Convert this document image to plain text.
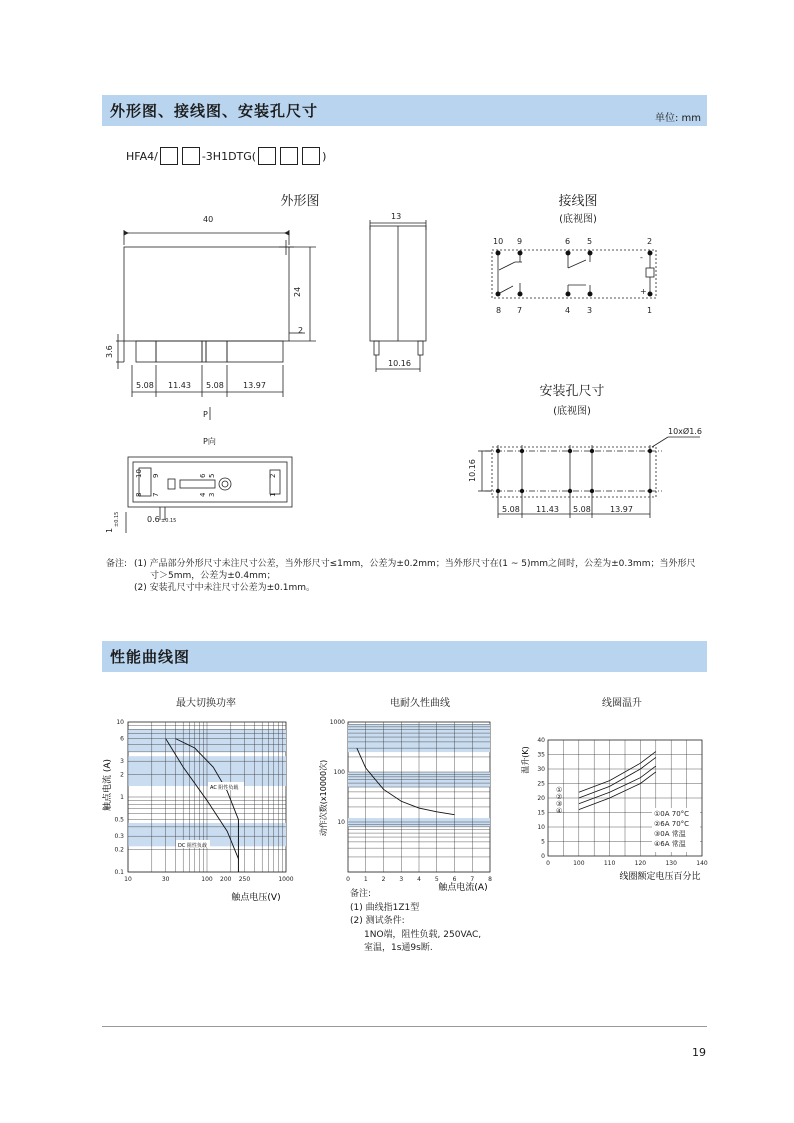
外形图、接线图、安装孔尺寸	单位: mm
HFA4/	-3H1DTG(	)
外形图	接线图
(底视图)
安装孔尺寸
(底视图)
40	13
24
2
3.6
10.16
5.08 11.43 5.08 13.97
P
P向
0.6 ±0.15
1
±0.15
10 9	6 5	2
8 7	4 3	1
-
+
10xØ1.6
10.16
5.08 11.43 5.08 13.97
10 9	6 5	2
8 7	4 3	1
备注: (1) 产品部分外形尺寸未注尺寸公差，当外形尺寸≤1mm，公差为±0.2mm；当外形尺寸在(1 ~ 5)mm之间时，公差为±0.3mm；当外形尺
寸＞5mm，公差为±0.4mm；
(2) 安装孔尺寸中未注尺寸公差为±0.1mm。
性能曲线图
最大切换功率	电耐久性曲线	线圈温升
10
6
3
2
1
0.5
0.3
0.2
0.1
10	30	100 200 250	1000
触点电流 (A)
触点电压(V)
AC 阻性负载
DC 阻性负载
1000
100
10
0 1 2 3 4 5 6 7 8
动作次数(x10000次)
触点电流(A)
40
35
30
25
20
15
10
5
0
100	110	120	130	140
0
温升(K)
线圈额定电压百分比
①
②
③
④	①0A 70°C
②6A 70°C
③0A 常温
④6A 常温
备注:
(1) 曲线指1Z1型
(2) 测试条件:
1NO端，阻性负载, 250VAC,
室温，1s通9s断.
19
